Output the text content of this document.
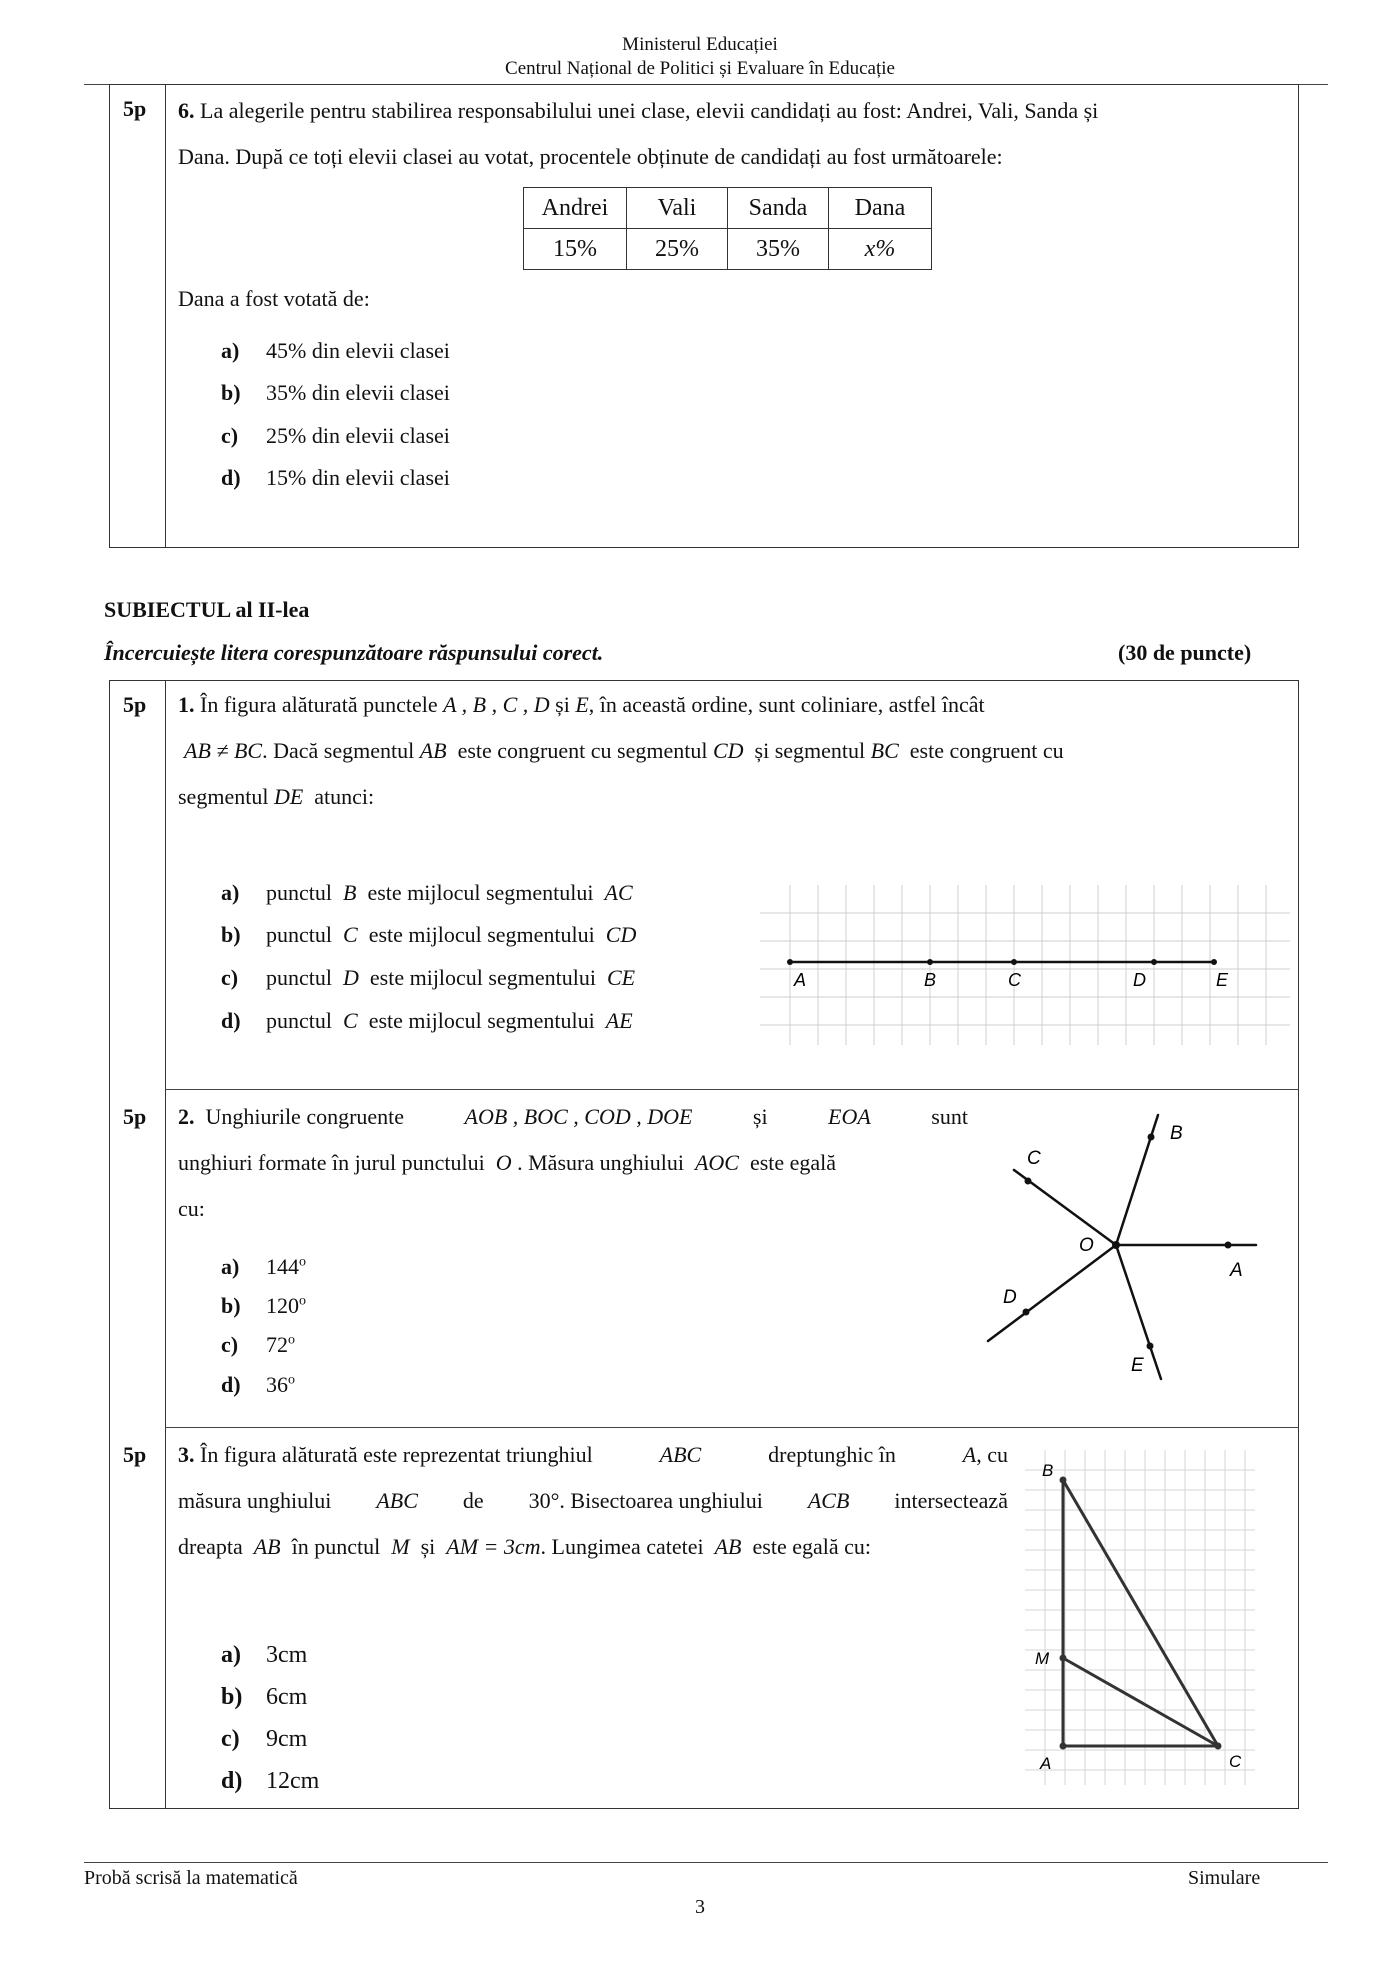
Ministerul Educației
Centrul Național de Politici și Evaluare în Educație
5p 6. La alegerile pentru stabilirea responsabilului unei clase, elevii candidați au fost: Andrei, Vali, Sanda și
Dana. După ce toți elevii clasei au votat, procentele obținute de candidați au fost următoarele:
Andrei	Vali	Sanda	Dana
15%	25%	35%	x%
Dana a fost votată de:
a) 45% din elevii clasei
b) 35% din elevii clasei
c) 25% din elevii clasei
d) 15% din elevii clasei
SUBIECTUL al II-lea
Încercuiește litera corespunzătoare răspunsului corect.	(30 de puncte)
5p 1. În figura alăturată punctele A , B , C , D și E, în această ordine, sunt coliniare, astfel încât
AB ≠ BC. Dacă segmentul AB este congruent cu segmentul CD și segmentul BC este congruent cu
segmentul DE atunci:
a) punctul B este mijlocul segmentului AC
b) punctul C este mijlocul segmentului CD
c) punctul D este mijlocul segmentului CE
d) punctul C este mijlocul segmentului AE
A	B	C	D	E
5p 2. Unghiurile congruente	AOB , BOC , COD , DOE	și	EOA	sunt
unghiuri formate în jurul punctului O . Măsura unghiului AOC este egală
cu:
a) 144$^o$
b) 120$^o$
c) 72$^o$
d) 36$^o$
B
C
O
A
D
E
5p 3. În figura alăturată este reprezentat triunghiul	ABC	dreptunghic în	A, cu
măsura unghiului ABC de 30°. Bisectoarea unghiului ACB intersectează
dreapta AB în punctul M și AM = 3cm. Lungimea catetei AB este egală cu:
a) 3cm
b) 6cm
c) 9cm
d) 12cm
B
M
A	C
Probă scrisă la matematică	Simulare
3
